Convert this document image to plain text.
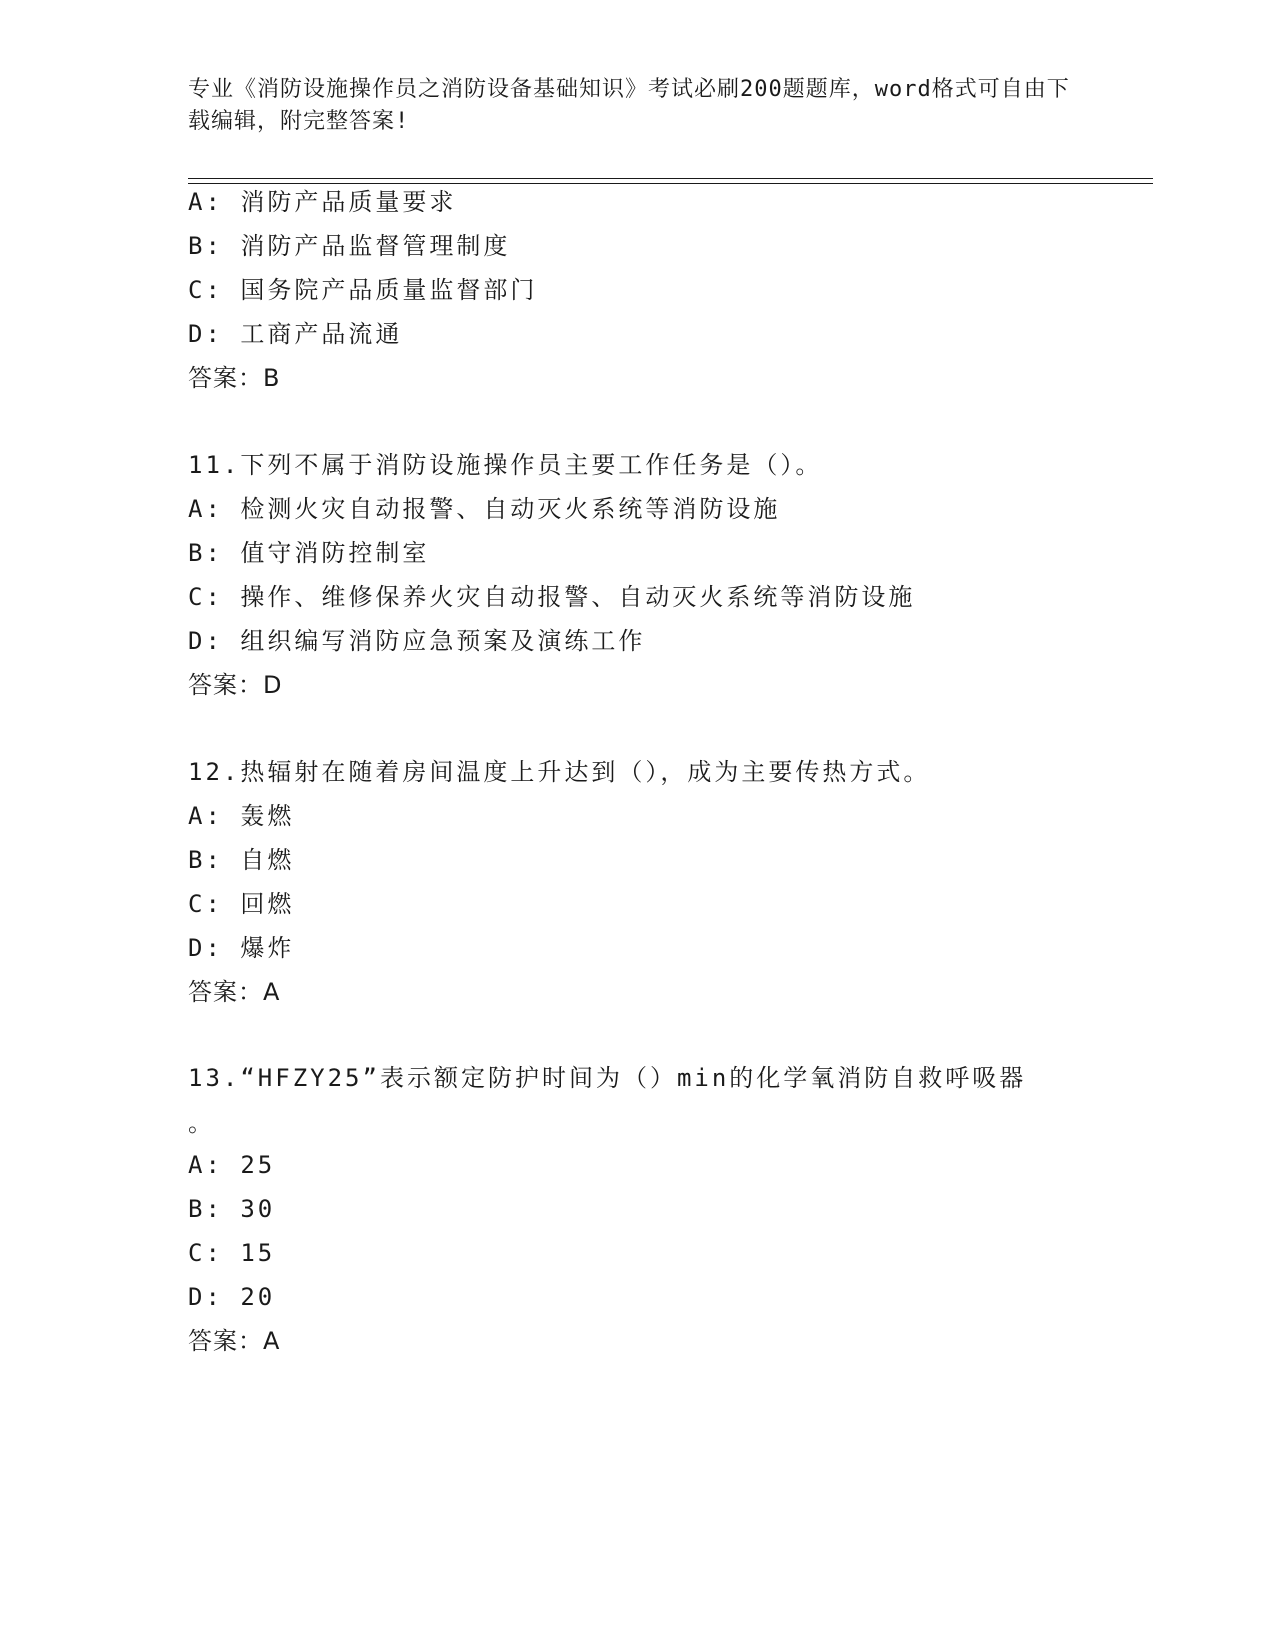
专业《消防设施操作员之消防设备基础知识》考试必刷200题题库，word格式可自由下载编辑，附完整答案!

A: 消防产品质量要求

B: 消防产品监督管理制度

C: 国务院产品质量监督部门

D: 工商产品流通

答案：B

11.下列不属于消防设施操作员主要工作任务是（）。

A: 检测火灾自动报警、自动灭火系统等消防设施

B: 值守消防控制室

C: 操作、维修保养火灾自动报警、自动灭火系统等消防设施

D: 组织编写消防应急预案及演练工作

答案：D

12.热辐射在随着房间温度上升达到（），成为主要传热方式。

A: 轰燃

B: 自燃

C: 回燃

D: 爆炸

答案：A

13.“HFZY25”表示额定防护时间为（）min的化学氧消防自救呼吸器

。

A: 25

B: 30

C: 15

D: 20

答案：A
